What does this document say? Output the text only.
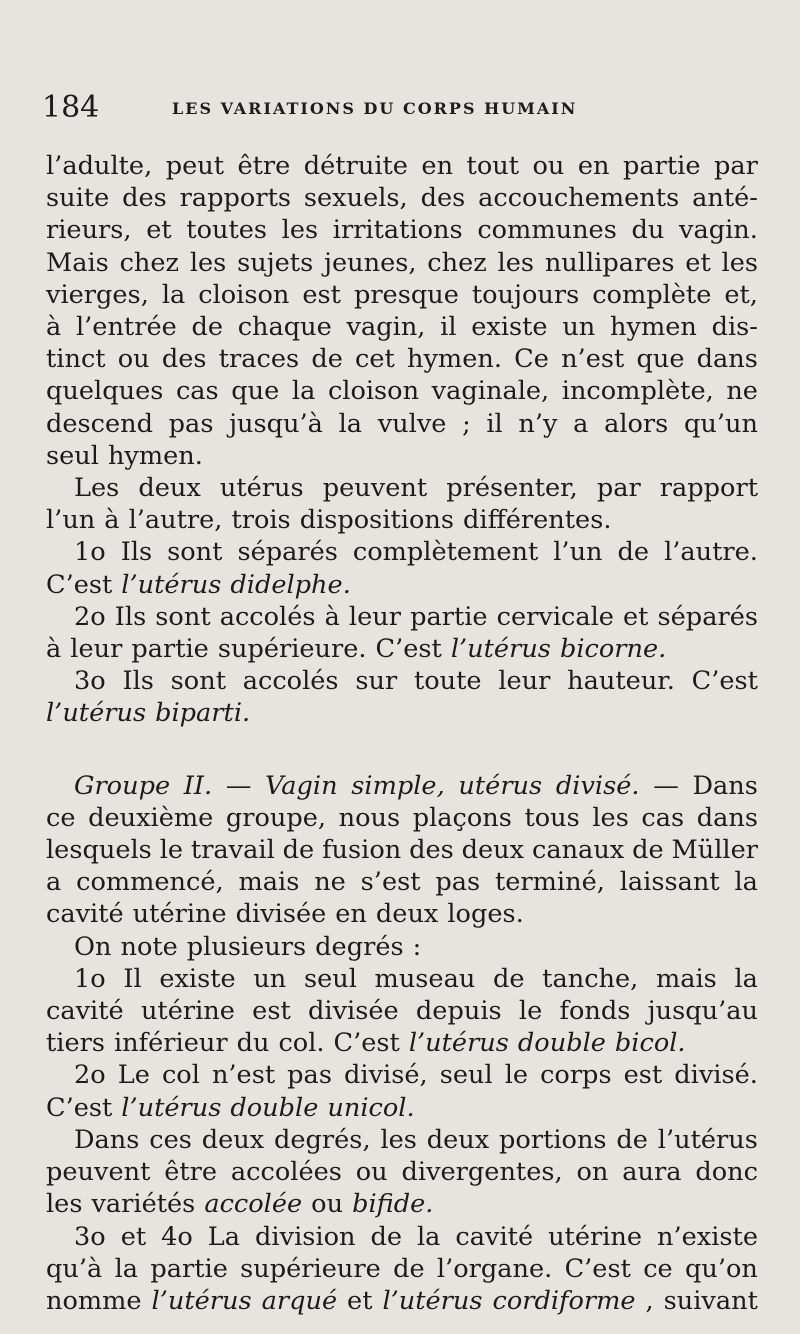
184	LES VARIATIONS DU CORPS HUMAIN
l’adulte, peut être détruite en tout ou en partie par
suite des rapports sexuels, des accouchements anté-
rieurs, et toutes les irritations communes du vagin.
Mais chez les sujets jeunes, chez les nullipares et les
vierges, la cloison est presque toujours complète et,
à l’entrée de chaque vagin, il existe un hymen dis-
tinct ou des traces de cet hymen. Ce n’est que dans
quelques cas que la cloison vaginale, incomplète, ne
descend pas jusqu’à la vulve ; il n’y a alors qu’un
seul hymen.
Les deux utérus peuvent présenter, par rapport
l’un à l’autre, trois dispositions différentes.
1o Ils sont séparés complètement l’un de l’autre.
C’est l’utérus didelphe.
2o Ils sont accolés à leur partie cervicale et séparés
à leur partie supérieure. C’est l’utérus bicorne.
3o Ils sont accolés sur toute leur hauteur. C’est
l’utérus biparti.
Groupe II. — Vagin simple, utérus divisé. — Dans
ce deuxième groupe, nous plaçons tous les cas dans
lesquels le travail de fusion des deux canaux de Müller
a commencé, mais ne s’est pas terminé, laissant la
cavité utérine divisée en deux loges.
On note plusieurs degrés :
1o Il existe un seul museau de tanche, mais la
cavité utérine est divisée depuis le fonds jusqu’au
tiers inférieur du col. C’est l’utérus double bicol.
2o Le col n’est pas divisé, seul le corps est divisé.
C’est l’utérus double unicol.
Dans ces deux degrés, les deux portions de l’utérus
peuvent être accolées ou divergentes, on aura donc
les variétés accolée ou bifide.
3o et 4o La division de la cavité utérine n’existe
qu’à la partie supérieure de l’organe. C’est ce qu’on
nomme l’utérus arqué et l’utérus cordiforme , suivant
